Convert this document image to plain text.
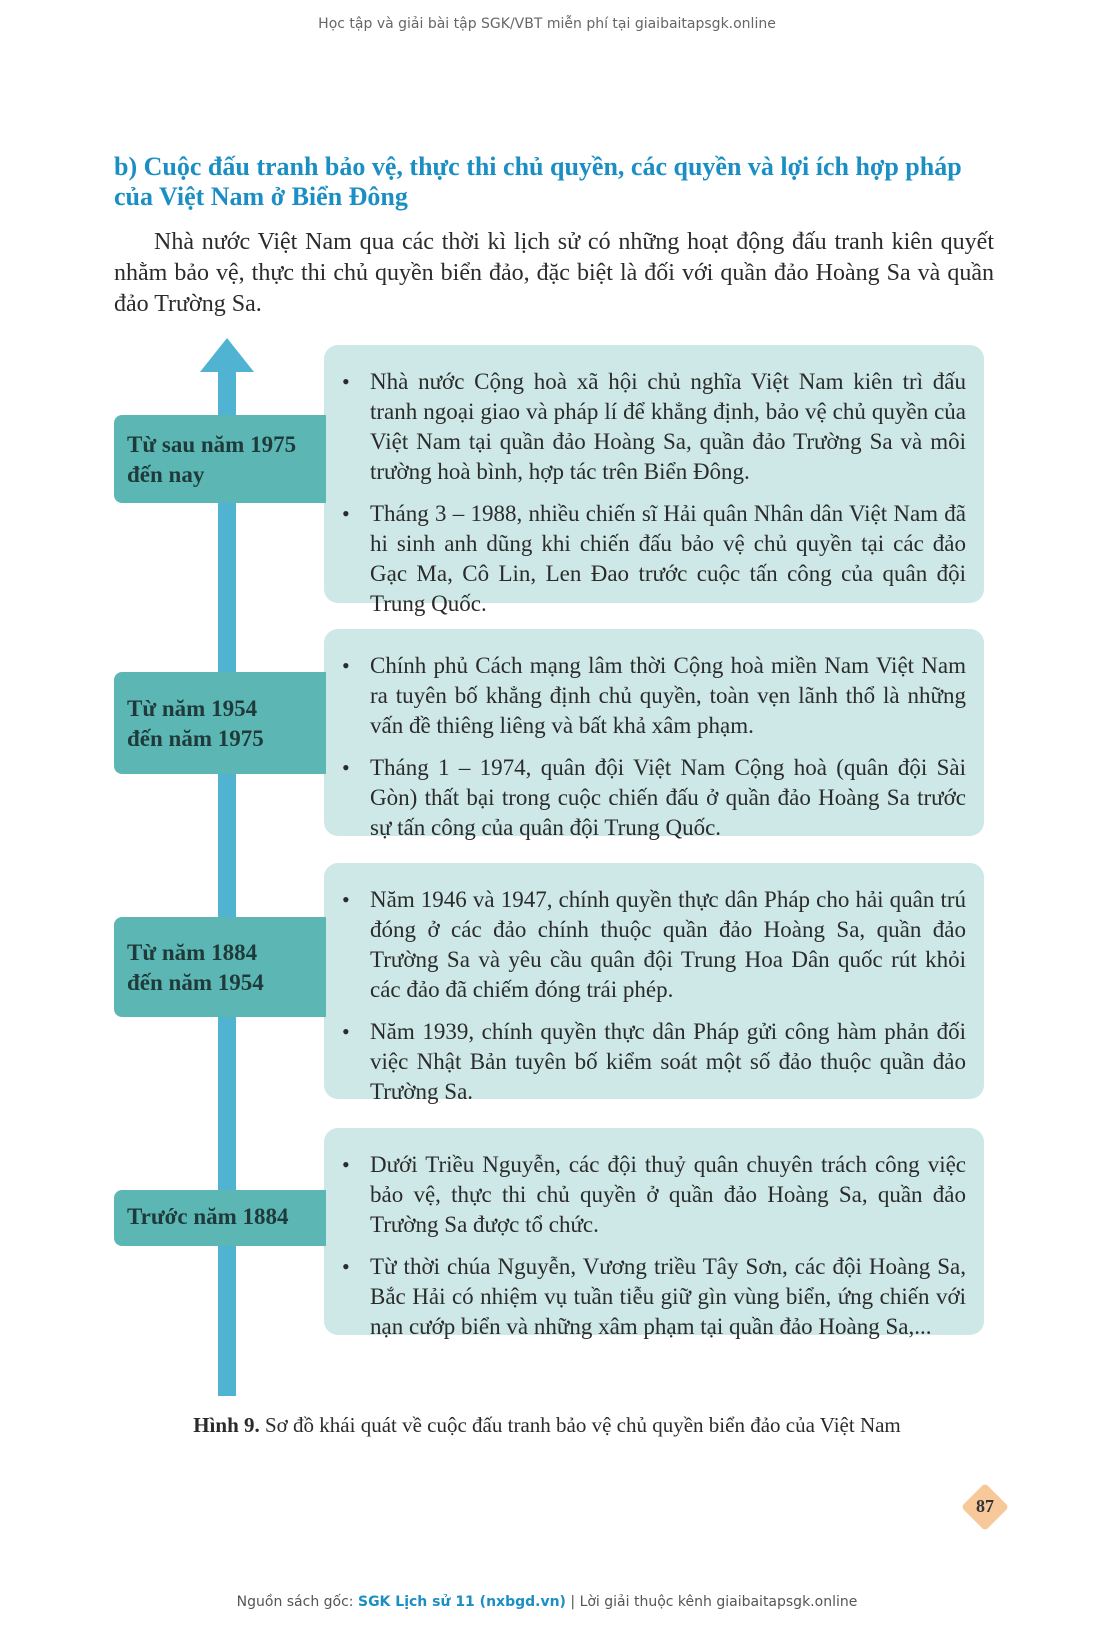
Học tập và giải bài tập SGK/VBT miễn phí tại giaibaitapsgk.online
b) Cuộc đấu tranh bảo vệ, thực thi chủ quyền, các quyền và lợi ích hợp pháp của Việt Nam ở Biển Đông
Nhà nước Việt Nam qua các thời kì lịch sử có những hoạt động đấu tranh kiên quyết nhằm bảo vệ, thực thi chủ quyền biển đảo, đặc biệt là đối với quần đảo Hoàng Sa và quần đảo Trường Sa.
• Nhà nước Cộng hoà xã hội chủ nghĩa Việt Nam kiên trì đấu tranh ngoại giao và pháp lí để khẳng định, bảo vệ chủ quyền của Việt Nam tại quần đảo Hoàng Sa, quần đảo Trường Sa và môi trường hoà bình, hợp tác trên Biển Đông.
• Tháng 3 – 1988, nhiều chiến sĩ Hải quân Nhân dân Việt Nam đã hi sinh anh dũng khi chiến đấu bảo vệ chủ quyền tại các đảo Gạc Ma, Cô Lin, Len Đao trước cuộc tấn công của quân đội Trung Quốc.
Từ sau năm 1975
đến nay
• Chính phủ Cách mạng lâm thời Cộng hoà miền Nam Việt Nam ra tuyên bố khẳng định chủ quyền, toàn vẹn lãnh thổ là những vấn đề thiêng liêng và bất khả xâm phạm.
• Tháng 1 – 1974, quân đội Việt Nam Cộng hoà (quân đội Sài Gòn) thất bại trong cuộc chiến đấu ở quần đảo Hoàng Sa trước sự tấn công của quân đội Trung Quốc.
Từ năm 1954
đến năm 1975
• Năm 1946 và 1947, chính quyền thực dân Pháp cho hải quân trú đóng ở các đảo chính thuộc quần đảo Hoàng Sa, quần đảo Trường Sa và yêu cầu quân đội Trung Hoa Dân quốc rút khỏi các đảo đã chiếm đóng trái phép.
• Năm 1939, chính quyền thực dân Pháp gửi công hàm phản đối việc Nhật Bản tuyên bố kiểm soát một số đảo thuộc quần đảo Trường Sa.
Từ năm 1884
đến năm 1954
• Dưới Triều Nguyễn, các đội thuỷ quân chuyên trách công việc bảo vệ, thực thi chủ quyền ở quần đảo Hoàng Sa, quần đảo Trường Sa được tổ chức.
• Từ thời chúa Nguyễn, Vương triều Tây Sơn, các đội Hoàng Sa, Bắc Hải có nhiệm vụ tuần tiễu giữ gìn vùng biển, ứng chiến với nạn cướp biển và những xâm phạm tại quần đảo Hoàng Sa,...
Trước năm 1884
Hình 9. Sơ đồ khái quát về cuộc đấu tranh bảo vệ chủ quyền biển đảo của Việt Nam
87
Nguồn sách gốc: SGK Lịch sử 11 (nxbgd.vn) | Lời giải thuộc kênh giaibaitapsgk.online
